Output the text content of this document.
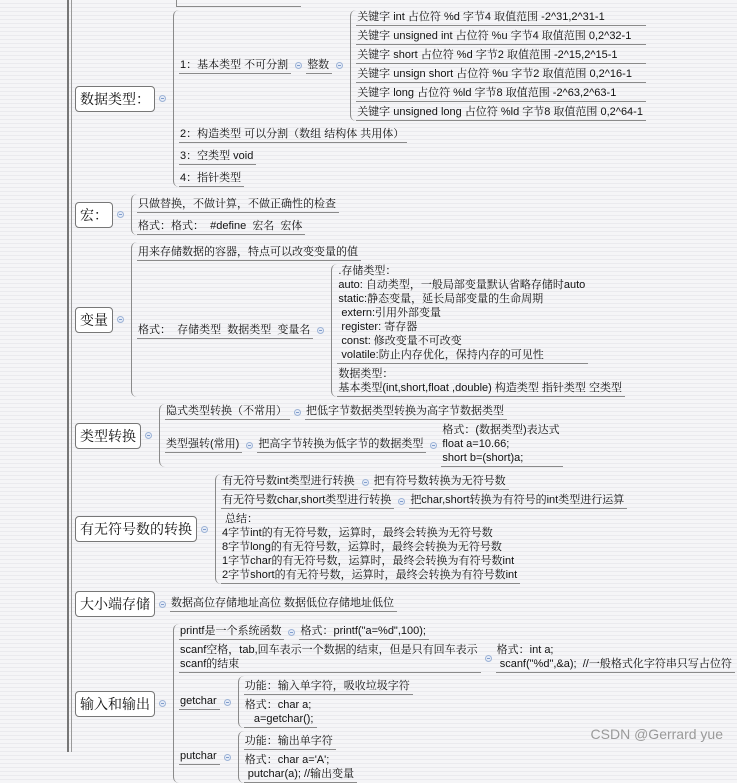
数据类型：
1：基本类型 不可分割 整数
关键字 int 占位符 %d 字节4 取值范围 -2^31,2^31-1
关键字 unsigned int 占位符 %u 字节4 取值范围 0,2^32-1
关键字 short 占位符 %d 字节2 取值范围 -2^15,2^15-1
关键字 unsign short 占位符 %u 字节2 取值范围 0,2^16-1
关键字 long 占位符 %ld 字节8 取值范围 -2^63,2^63-1
关键字 unsigned long 占位符 %ld 字节8 取值范围 0,2^64-1
2：构造类型 可以分割（数组 结构体 共用体）
3：空类型 void
4：指针类型
宏：
只做替换，不做计算，不做正确性的检查
格式：格式：  #define  宏名  宏体
变量
用来存储数据的容器，特点可以改变变量的值
格式：  存储类型  数据类型  变量名
.存储类型：
auto: 自动类型，一般局部变量默认省略存储时auto
static:静态变量，延长局部变量的生命周期
extern:引用外部变量
register: 寄存器
const: 修改变量不可改变
volatile:防止内存优化，保持内存的可见性
数据类型：
基本类型(int,short,float ,double) 构造类型 指针类型 空类型
类型转换
隐式类型转换（不常用） 把低字节数据类型转换为高字节数据类型
类型强转(常用) 把高字节转换为低字节的数据类型
格式：(数据类型)表达式
float a=10.66;
short b=(short)a;
有无符号数的转换
有无符号数int类型进行转换 把有符号数转换为无符号数
有无符号数char,short类型进行转换 把char,short转换为有符号的int类型进行运算
总结：
4字节int的有无符号数，运算时，最终会转换为无符号数
8字节long的有无符号数，运算时，最终会转换为无符号数
1字节char的有无符号数，运算时，最终会转换为有符号数int
2字节short的有无符号数，运算时，最终会转换为有符号数int
大小端存储	数据高位存储地址高位 数据低位存储地址低位
输入和输出
printf是一个系统函数 格式：printf("a=%d",100);
scanf空格，tab,回车表示一个数据的结束，但是只有回车表示
scanf的结束
格式：int a;
scanf("%d",&a);  //一般格式化字符串只写占位符
getchar
功能：输入单字符，吸收垃圾字符
格式：char a;
a=getchar();
putchar
功能：输出单字符
格式：char a='A';
putchar(a); //输出变量
CSDN @Gerrard yue
